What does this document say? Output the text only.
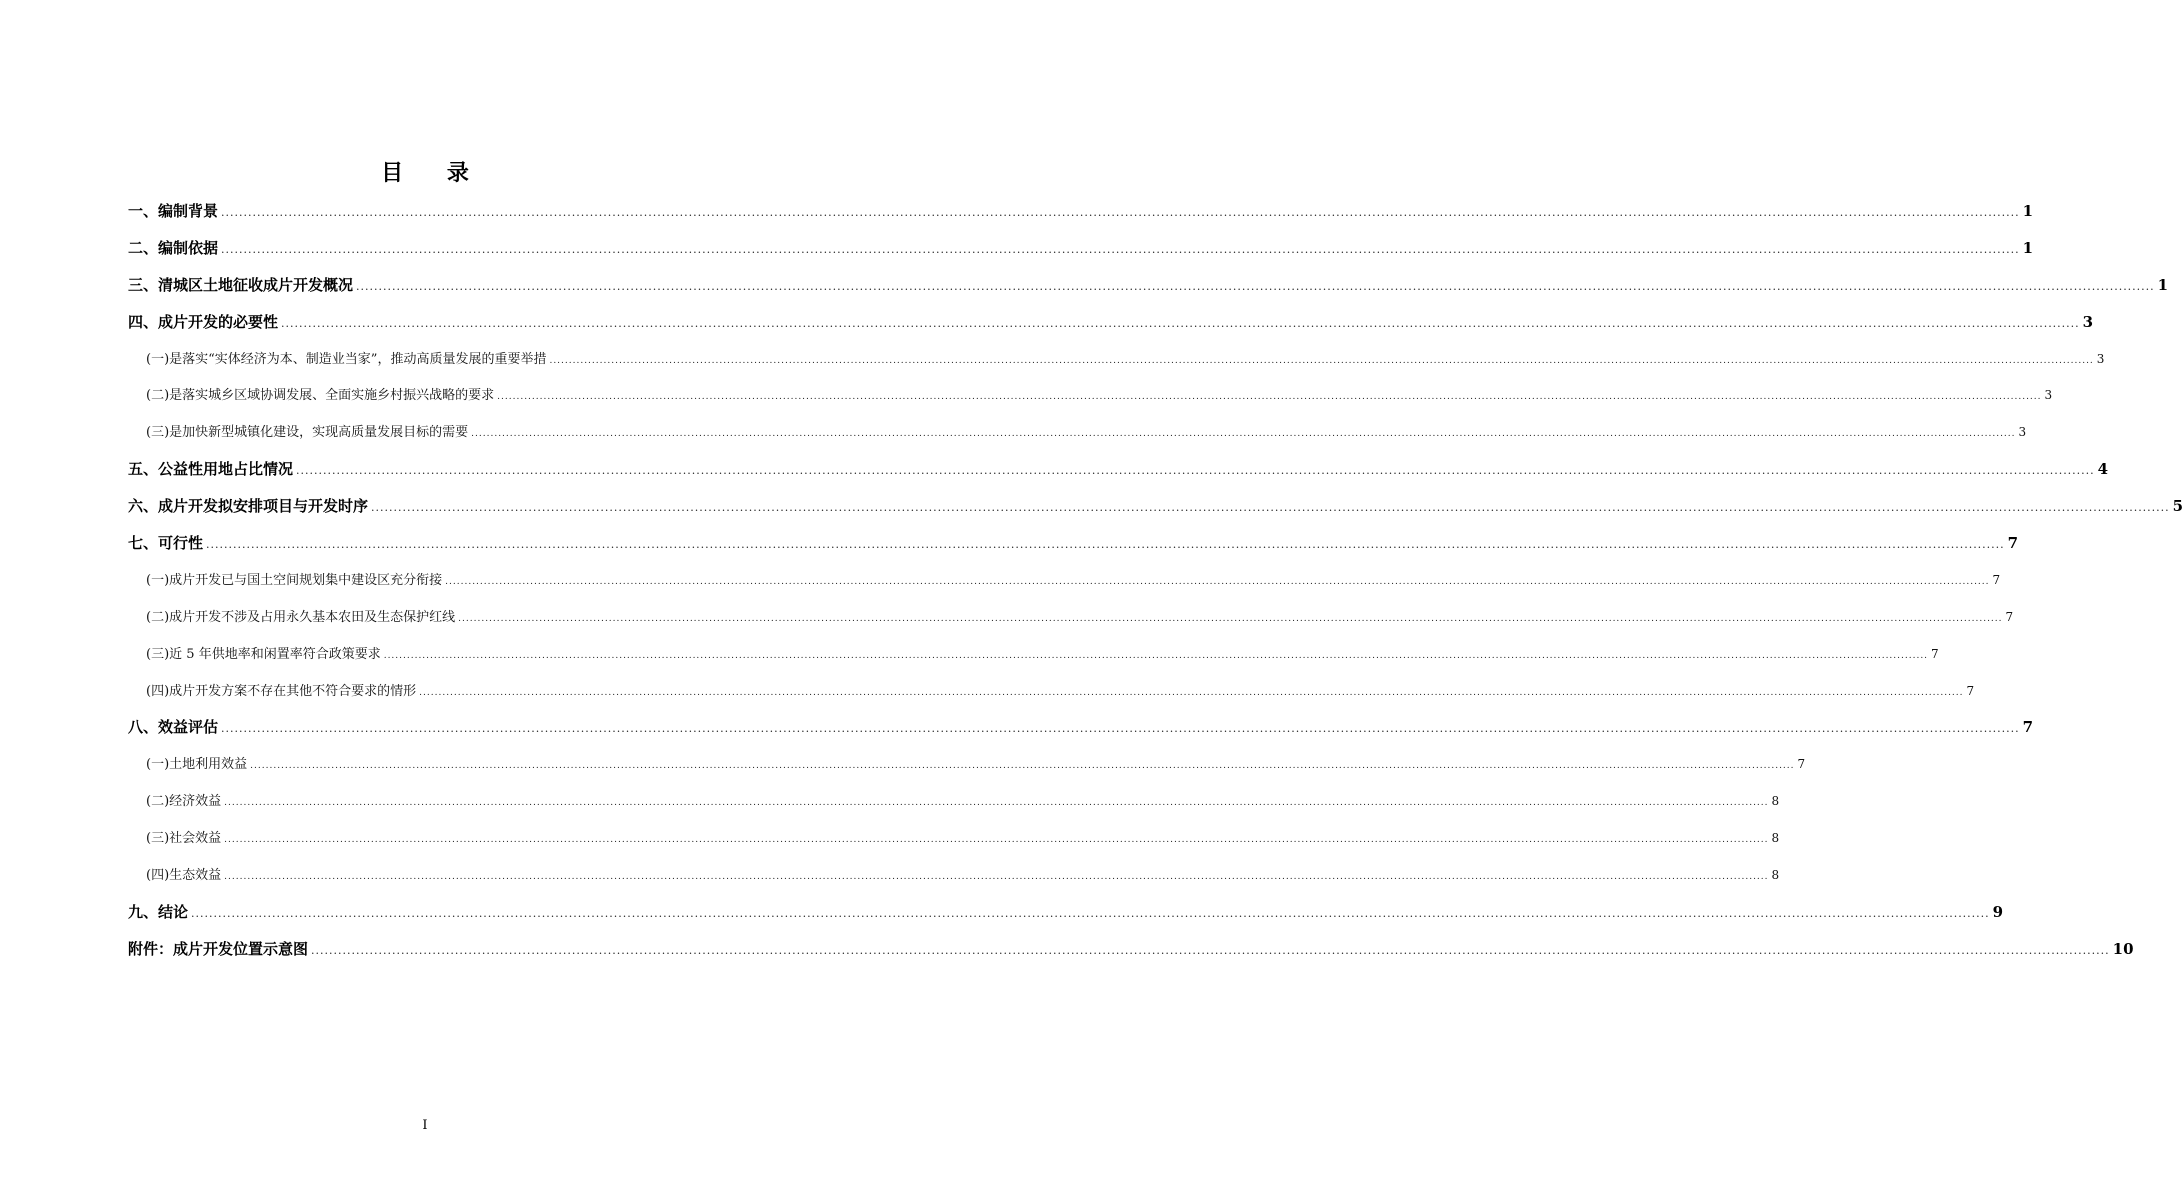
目 录
一、 编制背景 ................................................................................................................................................................................................................................................................................................................................................................................................................ 1
二、 编制依据 ................................................................................................................................................................................................................................................................................................................................................................................................................ 1
三、 清城区土地征收成片开发概况 ................................................................................................................................................................................................................................................................................................................................................................................................................ 1
四、 成片开发的必要性 ................................................................................................................................................................................................................................................................................................................................................................................................................ 3
(一) 是落实“实体经济为本、制造业当家”，推动高质量发展的重要举措 ................................................................................................................................................................................................................................................................................................................................................................................................................ 3
(二) 是落实城乡区域协调发展、全面实施乡村振兴战略的要求 ................................................................................................................................................................................................................................................................................................................................................................................................................ 3
(三) 是加快新型城镇化建设，实现高质量发展目标的需要 ................................................................................................................................................................................................................................................................................................................................................................................................................ 3
五、 公益性用地占比情况 ................................................................................................................................................................................................................................................................................................................................................................................................................ 4
六、 成片开发拟安排项目与开发时序 ................................................................................................................................................................................................................................................................................................................................................................................................................ 5
七、 可行性 ................................................................................................................................................................................................................................................................................................................................................................................................................ 7
(一) 成片开发已与国土空间规划集中建设区充分衔接 ................................................................................................................................................................................................................................................................................................................................................................................................................ 7
(二) 成片开发不涉及占用永久基本农田及生态保护红线 ................................................................................................................................................................................................................................................................................................................................................................................................................ 7
(三) 近 5 年供地率和闲置率符合政策要求 ................................................................................................................................................................................................................................................................................................................................................................................................................ 7
(四) 成片开发方案不存在其他不符合要求的情形 ................................................................................................................................................................................................................................................................................................................................................................................................................ 7
八、 效益评估 ................................................................................................................................................................................................................................................................................................................................................................................................................ 7
(一) 土地利用效益 ................................................................................................................................................................................................................................................................................................................................................................................................................ 7
(二) 经济效益 ................................................................................................................................................................................................................................................................................................................................................................................................................ 8
(三) 社会效益 ................................................................................................................................................................................................................................................................................................................................................................................................................ 8
(四) 生态效益 ................................................................................................................................................................................................................................................................................................................................................................................................................ 8
九、 结论 ................................................................................................................................................................................................................................................................................................................................................................................................................ 9
附件：成片开发位置示意图 ................................................................................................................................................................................................................................................................................................................................................................................................................ 10
I
